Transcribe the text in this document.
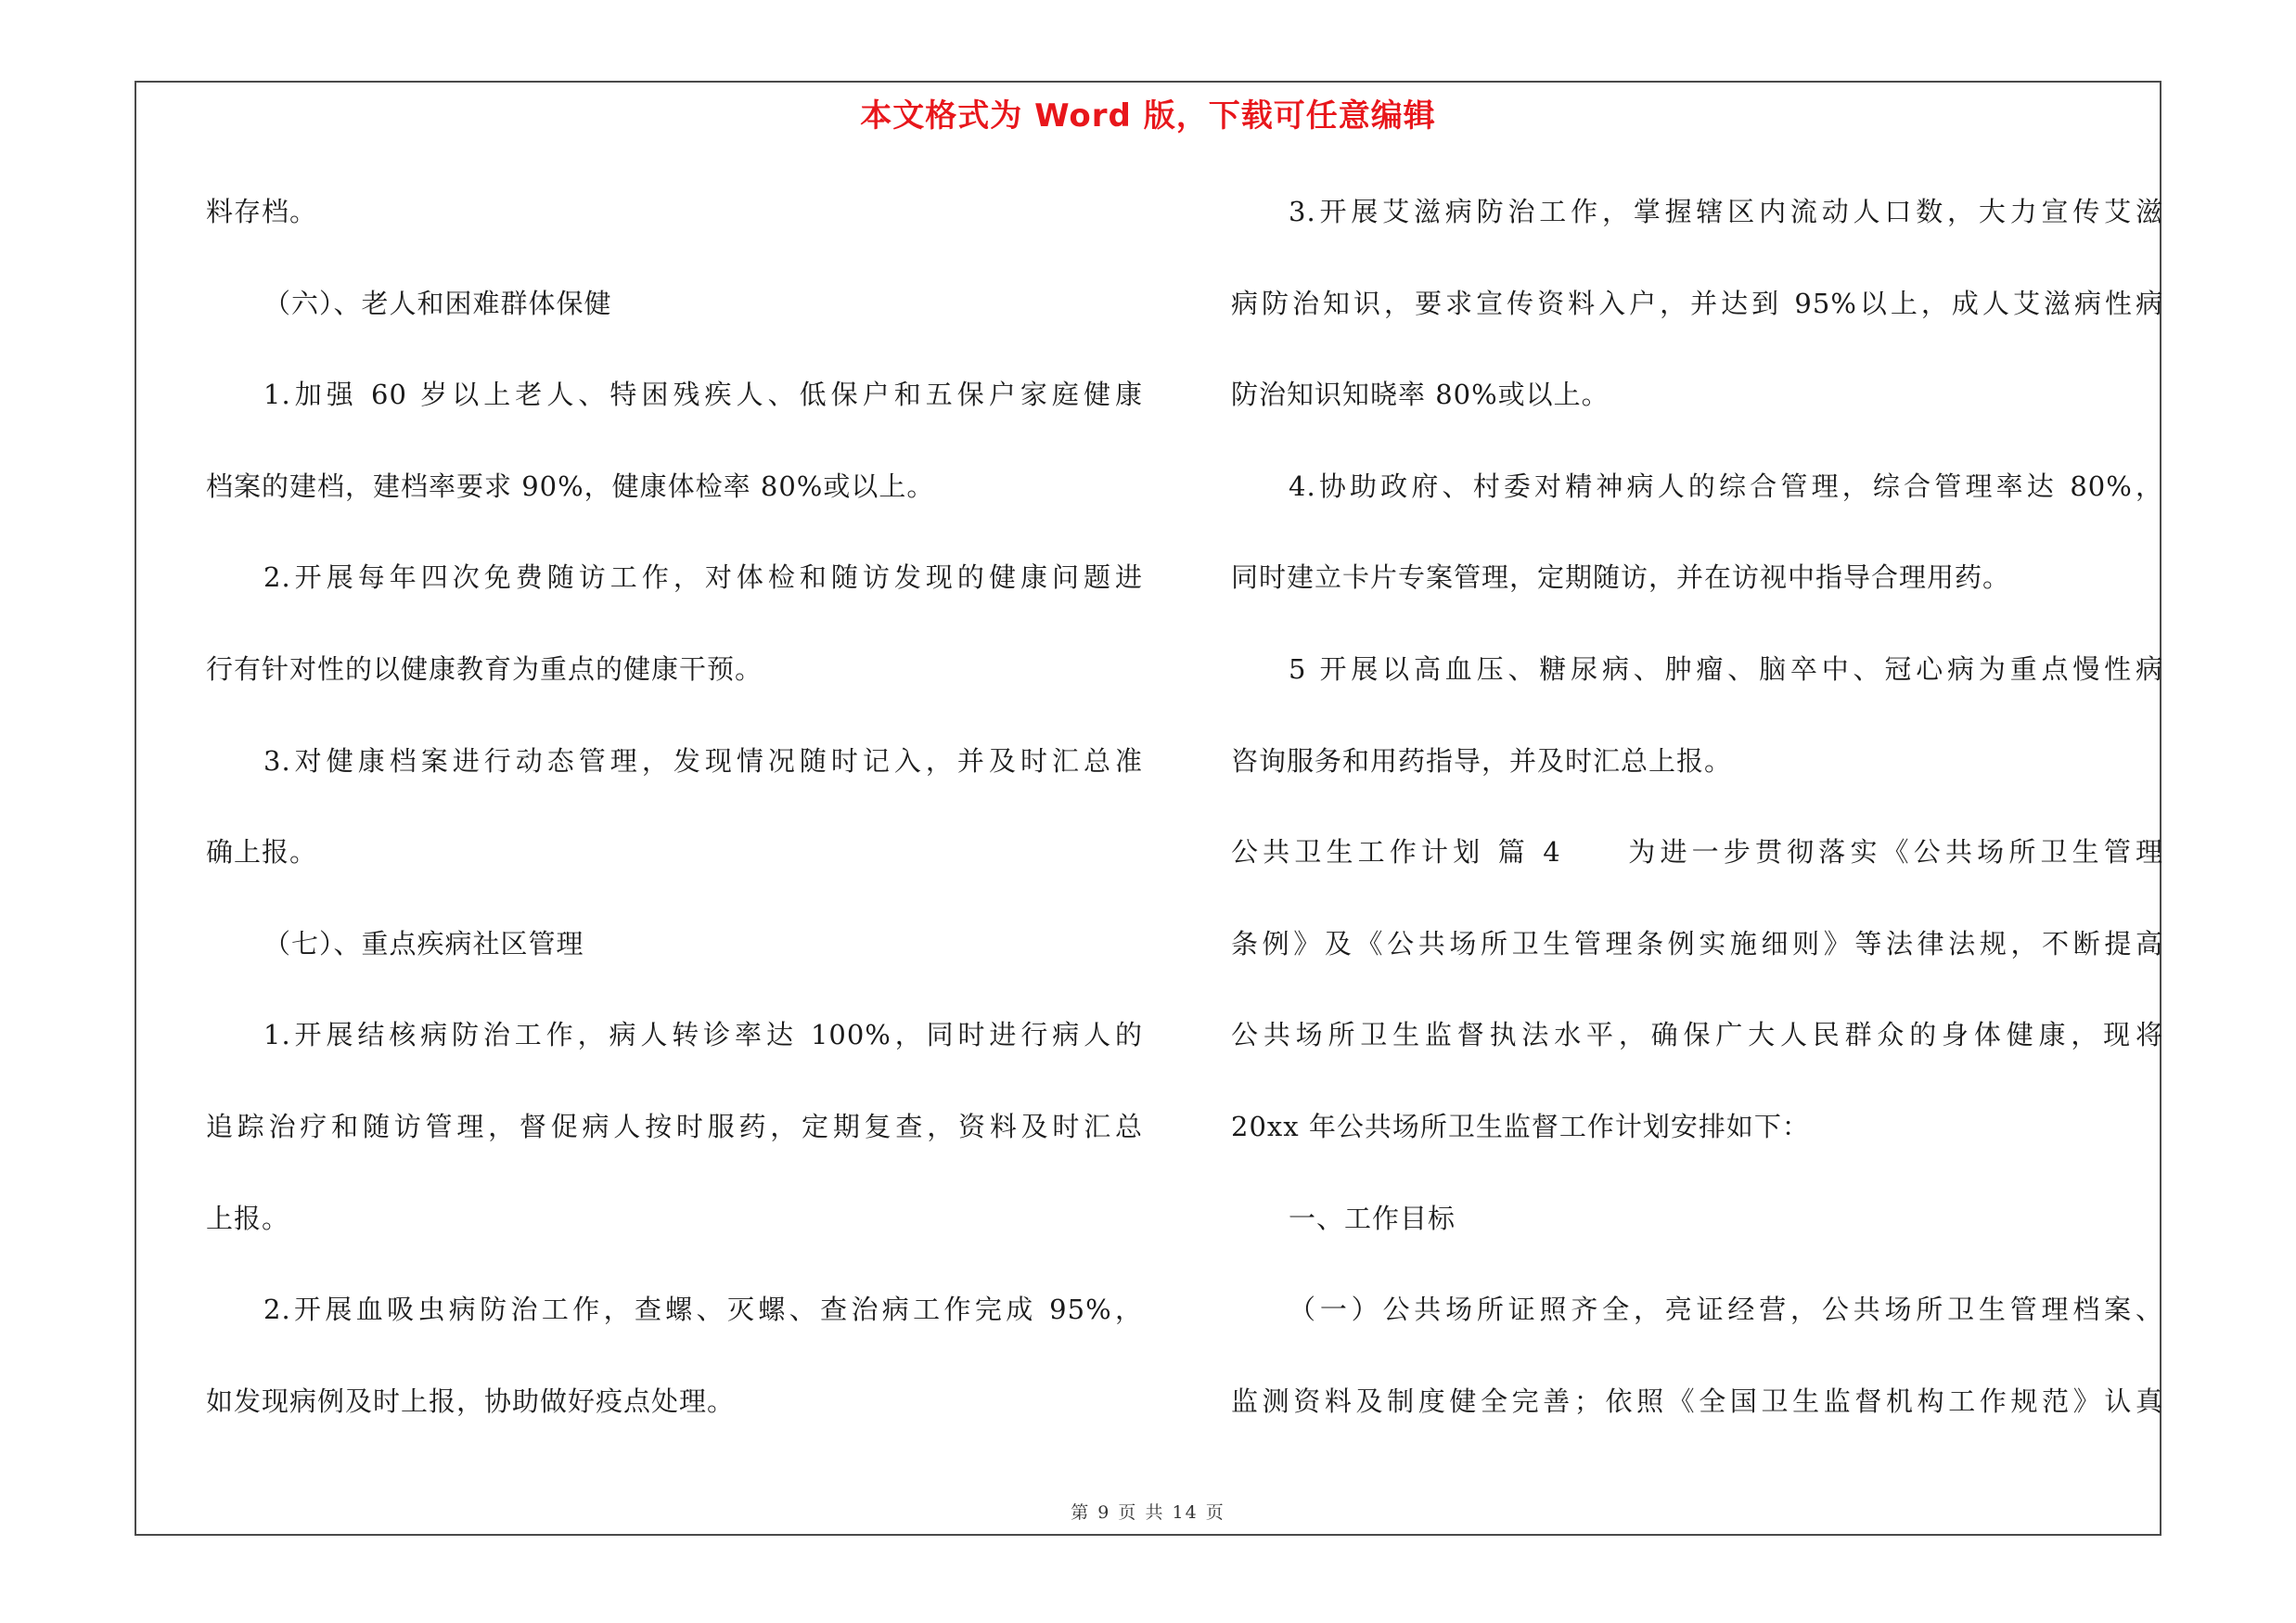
本文格式为 Word 版，下载可任意编辑
料存档。
（六）、老人和困难群体保健
1.加强 60 岁以上老人、特困残疾人、低保户和五保户家庭健康
档案的建档，建档率要求 90%，健康体检率 80%或以上。
2.开展每年四次免费随访工作，对体检和随访发现的健康问题进
行有针对性的以健康教育为重点的健康干预。
3.对健康档案进行动态管理，发现情况随时记入，并及时汇总准
确上报。
（七）、重点疾病社区管理
1.开展结核病防治工作，病人转诊率达 100%，同时进行病人的
追踪治疗和随访管理，督促病人按时服药，定期复查，资料及时汇总
上报。
2.开展血吸虫病防治工作，查螺、灭螺、查治病工作完成 95%，
如发现病例及时上报，协助做好疫点处理。
3.开展艾滋病防治工作，掌握辖区内流动人口数，大力宣传艾滋
病防治知识，要求宣传资料入户，并达到 95%以上，成人艾滋病性病
防治知识知晓率 80%或以上。
4.协助政府、村委对精神病人的综合管理，综合管理率达 80%，
同时建立卡片专案管理，定期随访，并在访视中指导合理用药。
5 开展以高血压、糖尿病、肿瘤、脑卒中、冠心病为重点慢性病
咨询服务和用药指导，并及时汇总上报。
公共卫生工作计划 篇 4　　为进一步贯彻落实《公共场所卫生管理
条例》及《公共场所卫生管理条例实施细则》等法律法规，不断提高
公共场所卫生监督执法水平，确保广大人民群众的身体健康，现将
20xx 年公共场所卫生监督工作计划安排如下：
一、工作目标
（一）公共场所证照齐全，亮证经营，公共场所卫生管理档案、
监测资料及制度健全完善；依照《全国卫生监督机构工作规范》认真
第 9 页 共 14 页
